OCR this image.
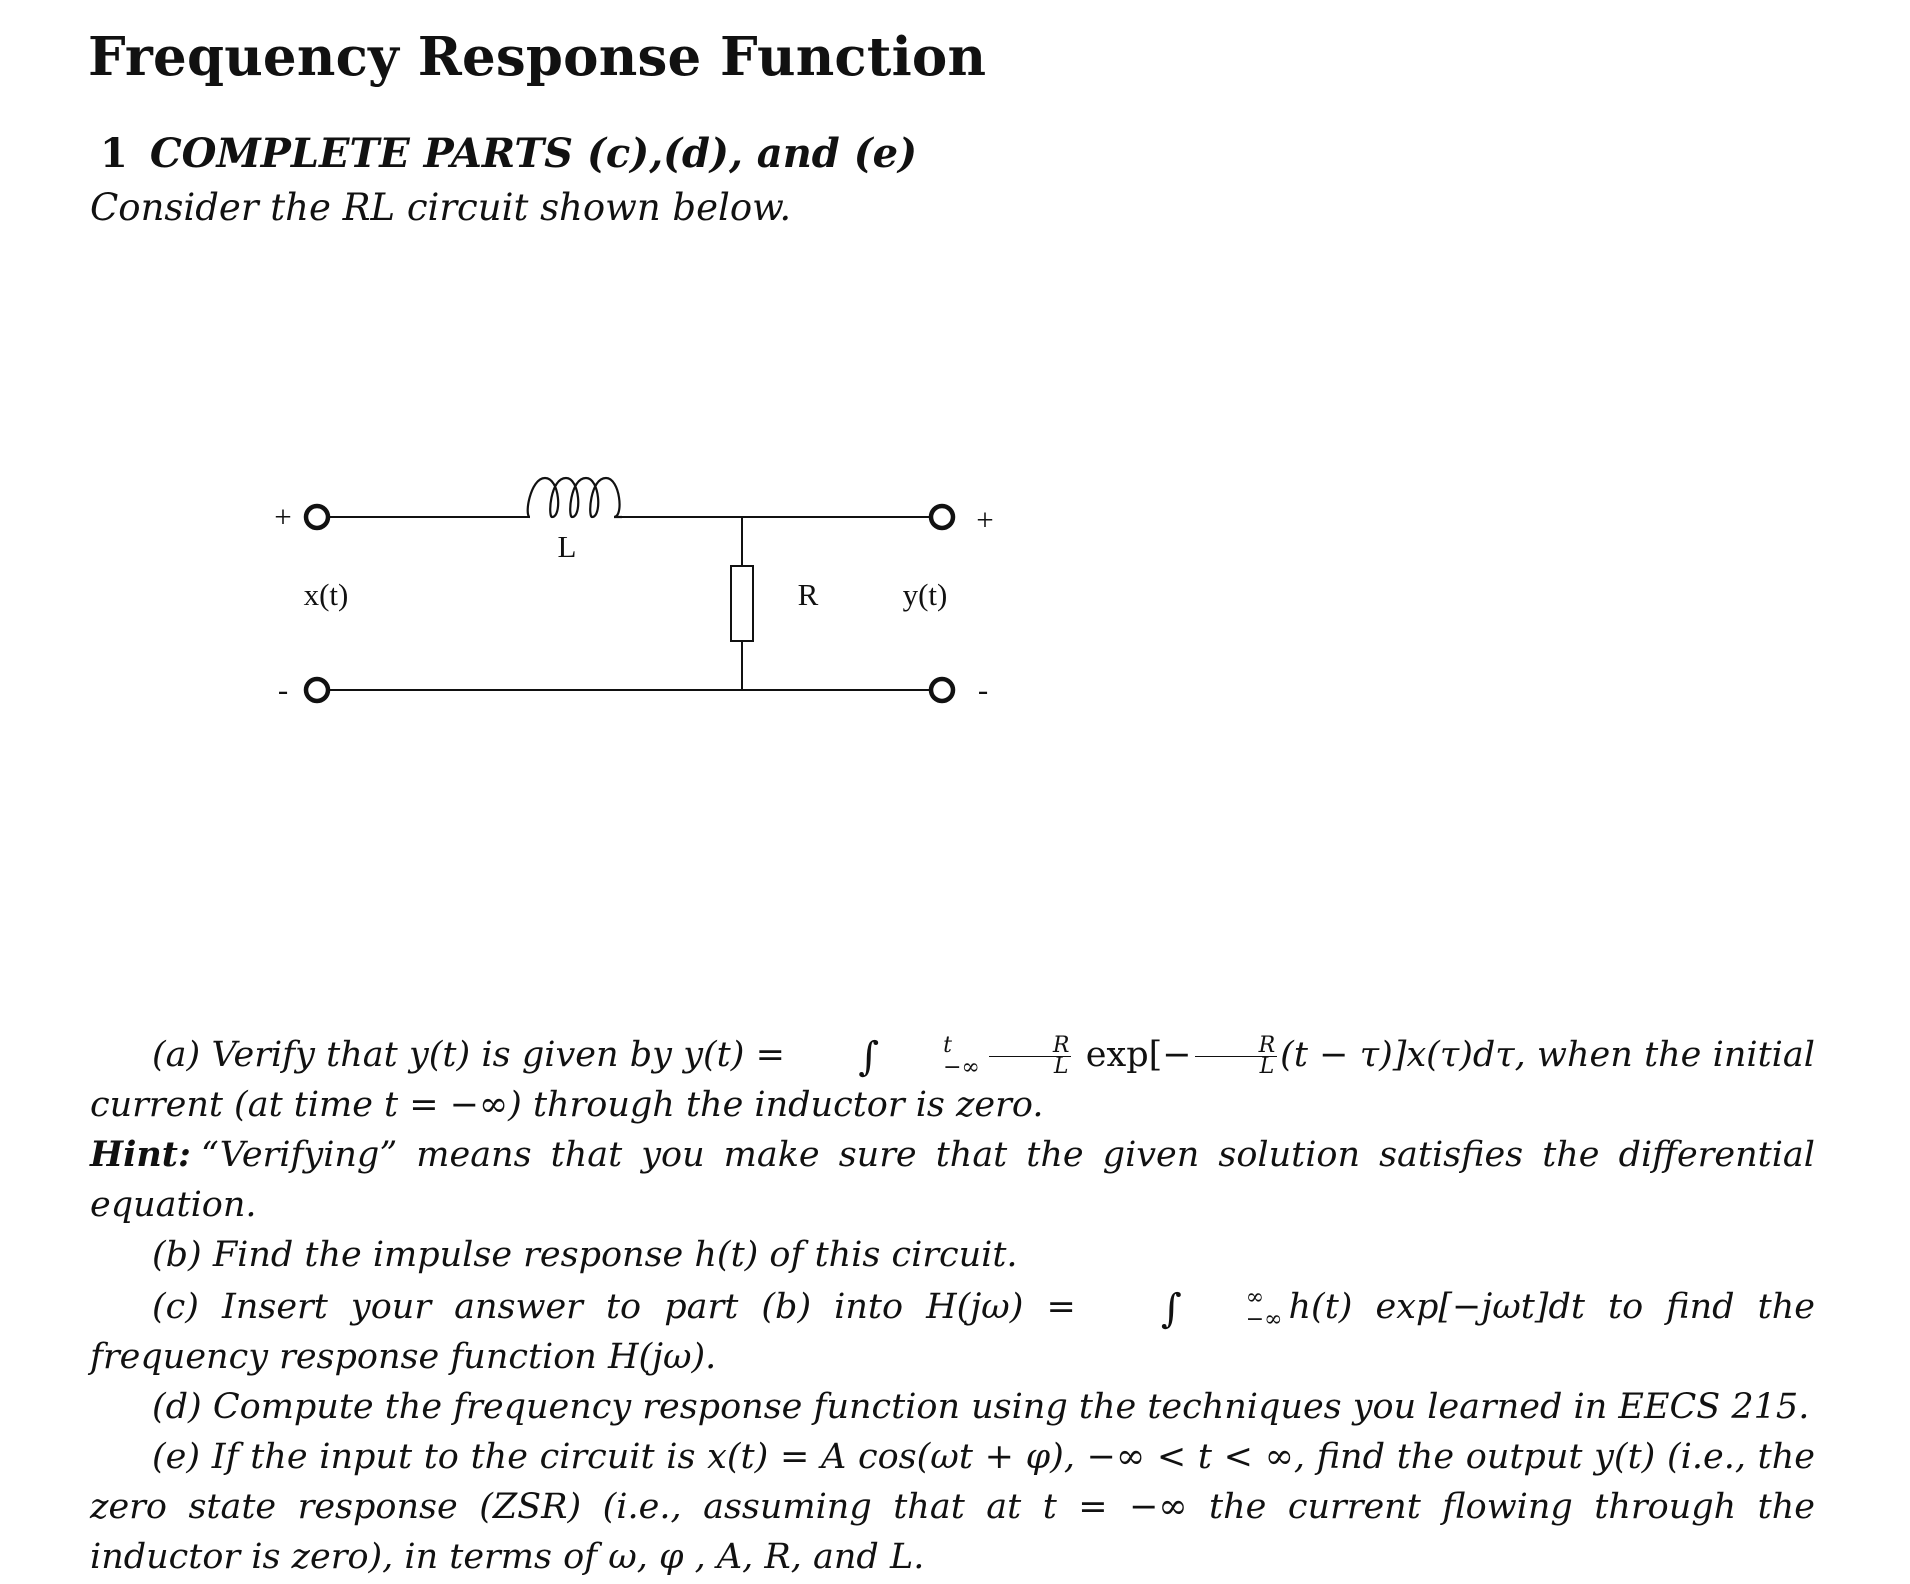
Frequency Response Function
1 COMPLETE PARTS (c),(d), and (e)

Consider the RL circuit shown below.

L
R
+
-
+
-
x(t)	y(t)

(a) Verify that y(t) is given by y(t) = ∫	t
−∞ $\frac{R}{L} \exp[- \frac{R}{L} (t - \tau)]x(\tau)d\tau$, when the initial current (at time t = −∞) through the inductor is zero.

Hint: “Verifying” means that you make sure that the given solution satisfies the differential equation.

(b) Find the impulse response h(t) of this circuit.

(c) Insert your answer to part (b) into H(jω) = ∫	∞
−∞ h(t) exp[−jωt]dt to find the frequency response function H(jω).

(d) Compute the frequency response function using the techniques you learned in EECS 215.

(e) If the input to the circuit is x(t) = A cos(ωt + φ), −∞ < t < ∞, find the output y(t) (i.e., the zero state response (ZSR) (i.e., assuming that at t = −∞ the current flowing through the inductor is zero), in terms of ω, φ , A, R, and L.
